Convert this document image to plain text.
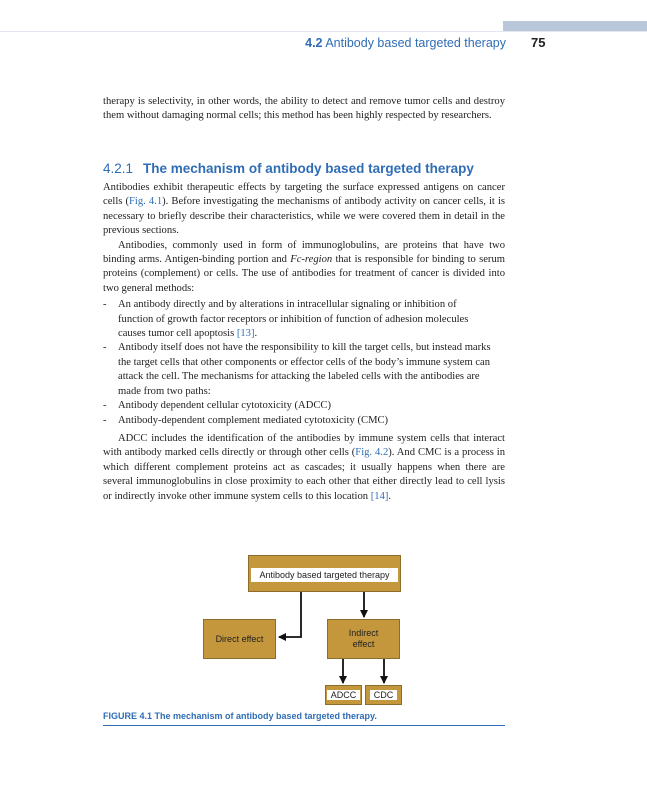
4.2 Antibody based targeted therapy 75

therapy is selectivity, in other words, the ability to detect and remove tumor cells and destroy them without damaging normal cells; this method has been highly respected by researchers.

4.2.1 The mechanism of antibody based targeted therapy

Antibodies exhibit therapeutic effects by targeting the surface expressed antigens on cancer cells (Fig. 4.1). Before investigating the mechanisms of antibody activity on cancer cells, it is necessary to briefly describe their characteristics, while we were covered them in detail in the previous sections.

Antibodies, commonly used in form of immunoglobulins, are proteins that have two binding arms. Antigen-binding portion and Fc-region that is responsible for binding to serum proteins (complement) or cells. The use of antibodies for treatment of cancer is divided into two general methods:

- An antibody directly and by alterations in intracellular signaling or inhibition of function of growth factor receptors or inhibition of function of adhesion molecules causes tumor cell apoptosis [13].
- Antibody itself does not have the responsibility to kill the target cells, but instead marks the target cells that other components or effector cells of the body’s immune system can attack the cell. The mechanisms for attacking the labeled cells with the antibodies are made from two paths:
- Antibody dependent cellular cytotoxicity (ADCC)
- Antibody-dependent complement mediated cytotoxicity (CMC)

ADCC includes the identification of the antibodies by immune system cells that interact with antibody marked cells directly or through other cells (Fig. 4.2). And CMC is a process in which different complement proteins act as cascades; it usually happens when there are several immunoglobulins in close proximity to each other that either directly lead to cell lysis or indirectly invoke other immune system cells to this location [14].

Antibody based targeted therapy
Direct effect
Indirect
effect
ADCC	CDC
FIGURE 4.1 The mechanism of antibody based targeted therapy.
